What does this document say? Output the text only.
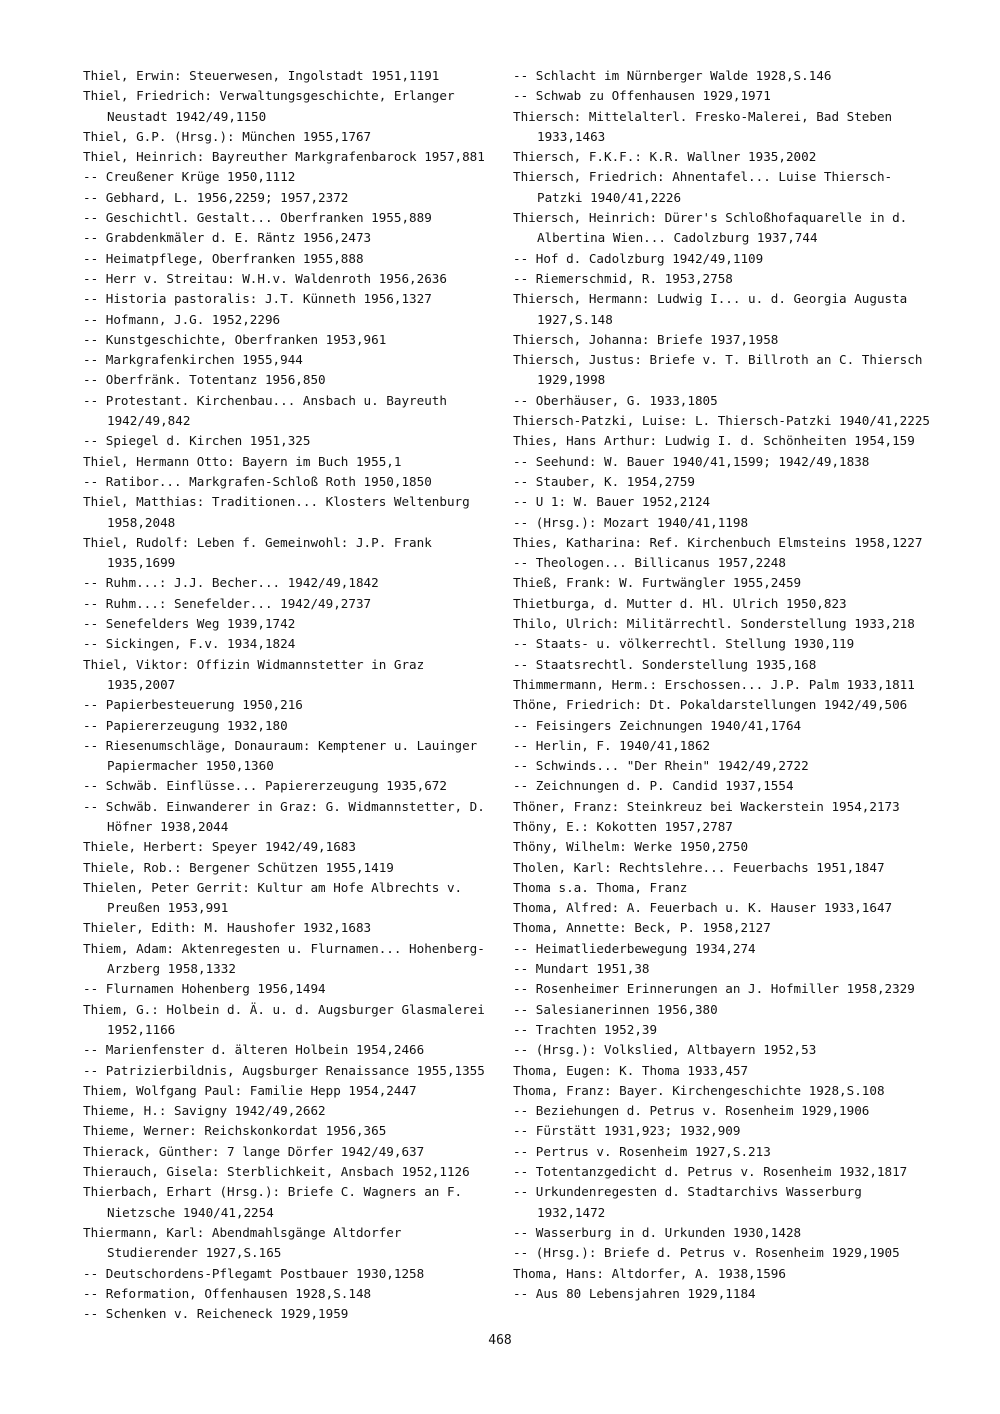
Thiel, Erwin: Steuerwesen, Ingolstadt 1951,1191
Thiel, Friedrich: Verwaltungsgeschichte, Erlanger Neustadt 1942/49,1150
Thiel, G.P. (Hrsg.): München 1955,1767
Thiel, Heinrich: Bayreuther Markgrafenbarock 1957,881
-- Creußener Krüge 1950,1112
-- Gebhard, L. 1956,2259; 1957,2372
-- Geschichtl. Gestalt... Oberfranken 1955,889
-- Grabdenkmäler d. E. Räntz 1956,2473
-- Heimatpflege, Oberfranken 1955,888
-- Herr v. Streitau: W.H.v. Waldenroth 1956,2636
-- Historia pastoralis: J.T. Künneth 1956,1327
-- Hofmann, J.G. 1952,2296
-- Kunstgeschichte, Oberfranken 1953,961
-- Markgrafenkirchen 1955,944
-- Oberfränk. Totentanz 1956,850
-- Protestant. Kirchenbau... Ansbach u. Bayreuth 1942/49,842
-- Spiegel d. Kirchen 1951,325
Thiel, Hermann Otto: Bayern im Buch 1955,1
-- Ratibor... Markgrafen-Schloß Roth 1950,1850
Thiel, Matthias: Traditionen... Klosters Weltenburg 1958,2048
Thiel, Rudolf: Leben f. Gemeinwohl: J.P. Frank 1935,1699
-- Ruhm...: J.J. Becher... 1942/49,1842
-- Ruhm...: Senefelder... 1942/49,2737
-- Senefelders Weg 1939,1742
-- Sickingen, F.v. 1934,1824
Thiel, Viktor: Offizin Widmannstetter in Graz 1935,2007
-- Papierbesteuerung 1950,216
-- Papiererzeugung 1932,180
-- Riesenumschläge, Donauraum: Kemptener u. Lauinger Papiermacher 1950,1360
-- Schwäb. Einflüsse... Papiererzeugung 1935,672
-- Schwäb. Einwanderer in Graz: G. Widmannstetter, D. Höfner 1938,2044
Thiele, Herbert: Speyer 1942/49,1683
Thiele, Rob.: Bergener Schützen 1955,1419
Thielen, Peter Gerrit: Kultur am Hofe Albrechts v. Preußen 1953,991
Thieler, Edith: M. Haushofer 1932,1683
Thiem, Adam: Aktenregesten u. Flurnamen... Hohenberg-Arzberg 1958,1332
-- Flurnamen Hohenberg 1956,1494
Thiem, G.: Holbein d. Ä. u. d. Augsburger Glasmalerei 1952,1166
-- Marienfenster d. älteren Holbein 1954,2466
-- Patrizierbildnis, Augsburger Renaissance 1955,1355
Thiem, Wolfgang Paul: Familie Hepp 1954,2447
Thieme, H.: Savigny 1942/49,2662
Thieme, Werner: Reichskonkordat 1956,365
Thierack, Günther: 7 lange Dörfer 1942/49,637
Thierauch, Gisela: Sterblichkeit, Ansbach 1952,1126
Thierbach, Erhart (Hrsg.): Briefe C. Wagners an F. Nietzsche 1940/41,2254
Thiermann, Karl: Abendmahlsgänge Altdorfer Studierender 1927,S.165
-- Deutschordens-Pflegamt Postbauer 1930,1258
-- Reformation, Offenhausen 1928,S.148
-- Schenken v. Reicheneck 1929,1959
-- Schlacht im Nürnberger Walde 1928,S.146
-- Schwab zu Offenhausen 1929,1971
Thiersch: Mittelalterl. Fresko-Malerei, Bad Steben 1933,1463
Thiersch, F.K.F.: K.R. Wallner 1935,2002
Thiersch, Friedrich: Ahnentafel... Luise Thiersch-Patzki 1940/41,2226
Thiersch, Heinrich: Dürer's Schloßhofaquarelle in d. Albertina Wien... Cadolzburg 1937,744
-- Hof d. Cadolzburg 1942/49,1109
-- Riemerschmid, R. 1953,2758
Thiersch, Hermann: Ludwig I... u. d. Georgia Augusta 1927,S.148
Thiersch, Johanna: Briefe 1937,1958
Thiersch, Justus: Briefe v. T. Billroth an C. Thiersch 1929,1998
-- Oberhäuser, G. 1933,1805
Thiersch-Patzki, Luise: L. Thiersch-Patzki 1940/41,2225
Thies, Hans Arthur: Ludwig I. d. Schönheiten 1954,159
-- Seehund: W. Bauer 1940/41,1599; 1942/49,1838
-- Stauber, K. 1954,2759
-- U 1: W. Bauer 1952,2124
-- (Hrsg.): Mozart 1940/41,1198
Thies, Katharina: Ref. Kirchenbuch Elmsteins 1958,1227
-- Theologen... Billicanus 1957,2248
Thieß, Frank: W. Furtwängler 1955,2459
Thietburga, d. Mutter d. Hl. Ulrich 1950,823
Thilo, Ulrich: Militärrechtl. Sonderstellung 1933,218
-- Staats- u. völkerrechtl. Stellung 1930,119
-- Staatsrechtl. Sonderstellung 1935,168
Thimmermann, Herm.: Erschossen... J.P. Palm 1933,1811
Thöne, Friedrich: Dt. Pokaldarstellungen 1942/49,506
-- Feisingers Zeichnungen 1940/41,1764
-- Herlin, F. 1940/41,1862
-- Schwinds... "Der Rhein" 1942/49,2722
-- Zeichnungen d. P. Candid 1937,1554
Thöner, Franz: Steinkreuz bei Wackerstein 1954,2173
Thöny, E.: Kokotten 1957,2787
Thöny, Wilhelm: Werke 1950,2750
Tholen, Karl: Rechtslehre... Feuerbachs 1951,1847
Thoma s.a. Thoma, Franz
Thoma, Alfred: A. Feuerbach u. K. Hauser 1933,1647
Thoma, Annette: Beck, P. 1958,2127
-- Heimatliederbewegung 1934,274
-- Mundart 1951,38
-- Rosenheimer Erinnerungen an J. Hofmiller 1958,2329
-- Salesianerinnen 1956,380
-- Trachten 1952,39
-- (Hrsg.): Volkslied, Altbayern 1952,53
Thoma, Eugen: K. Thoma 1933,457
Thoma, Franz: Bayer. Kirchengeschichte 1928,S.108
-- Beziehungen d. Petrus v. Rosenheim 1929,1906
-- Fürstätt 1931,923; 1932,909
-- Pertrus v. Rosenheim 1927,S.213
-- Totentanzgedicht d. Petrus v. Rosenheim 1932,1817
-- Urkundenregesten d. Stadtarchivs Wasserburg 1932,1472
-- Wasserburg in d. Urkunden 1930,1428
-- (Hrsg.): Briefe d. Petrus v. Rosenheim 1929,1905
Thoma, Hans: Altdorfer, A. 1938,1596
-- Aus 80 Lebensjahren 1929,1184
468
